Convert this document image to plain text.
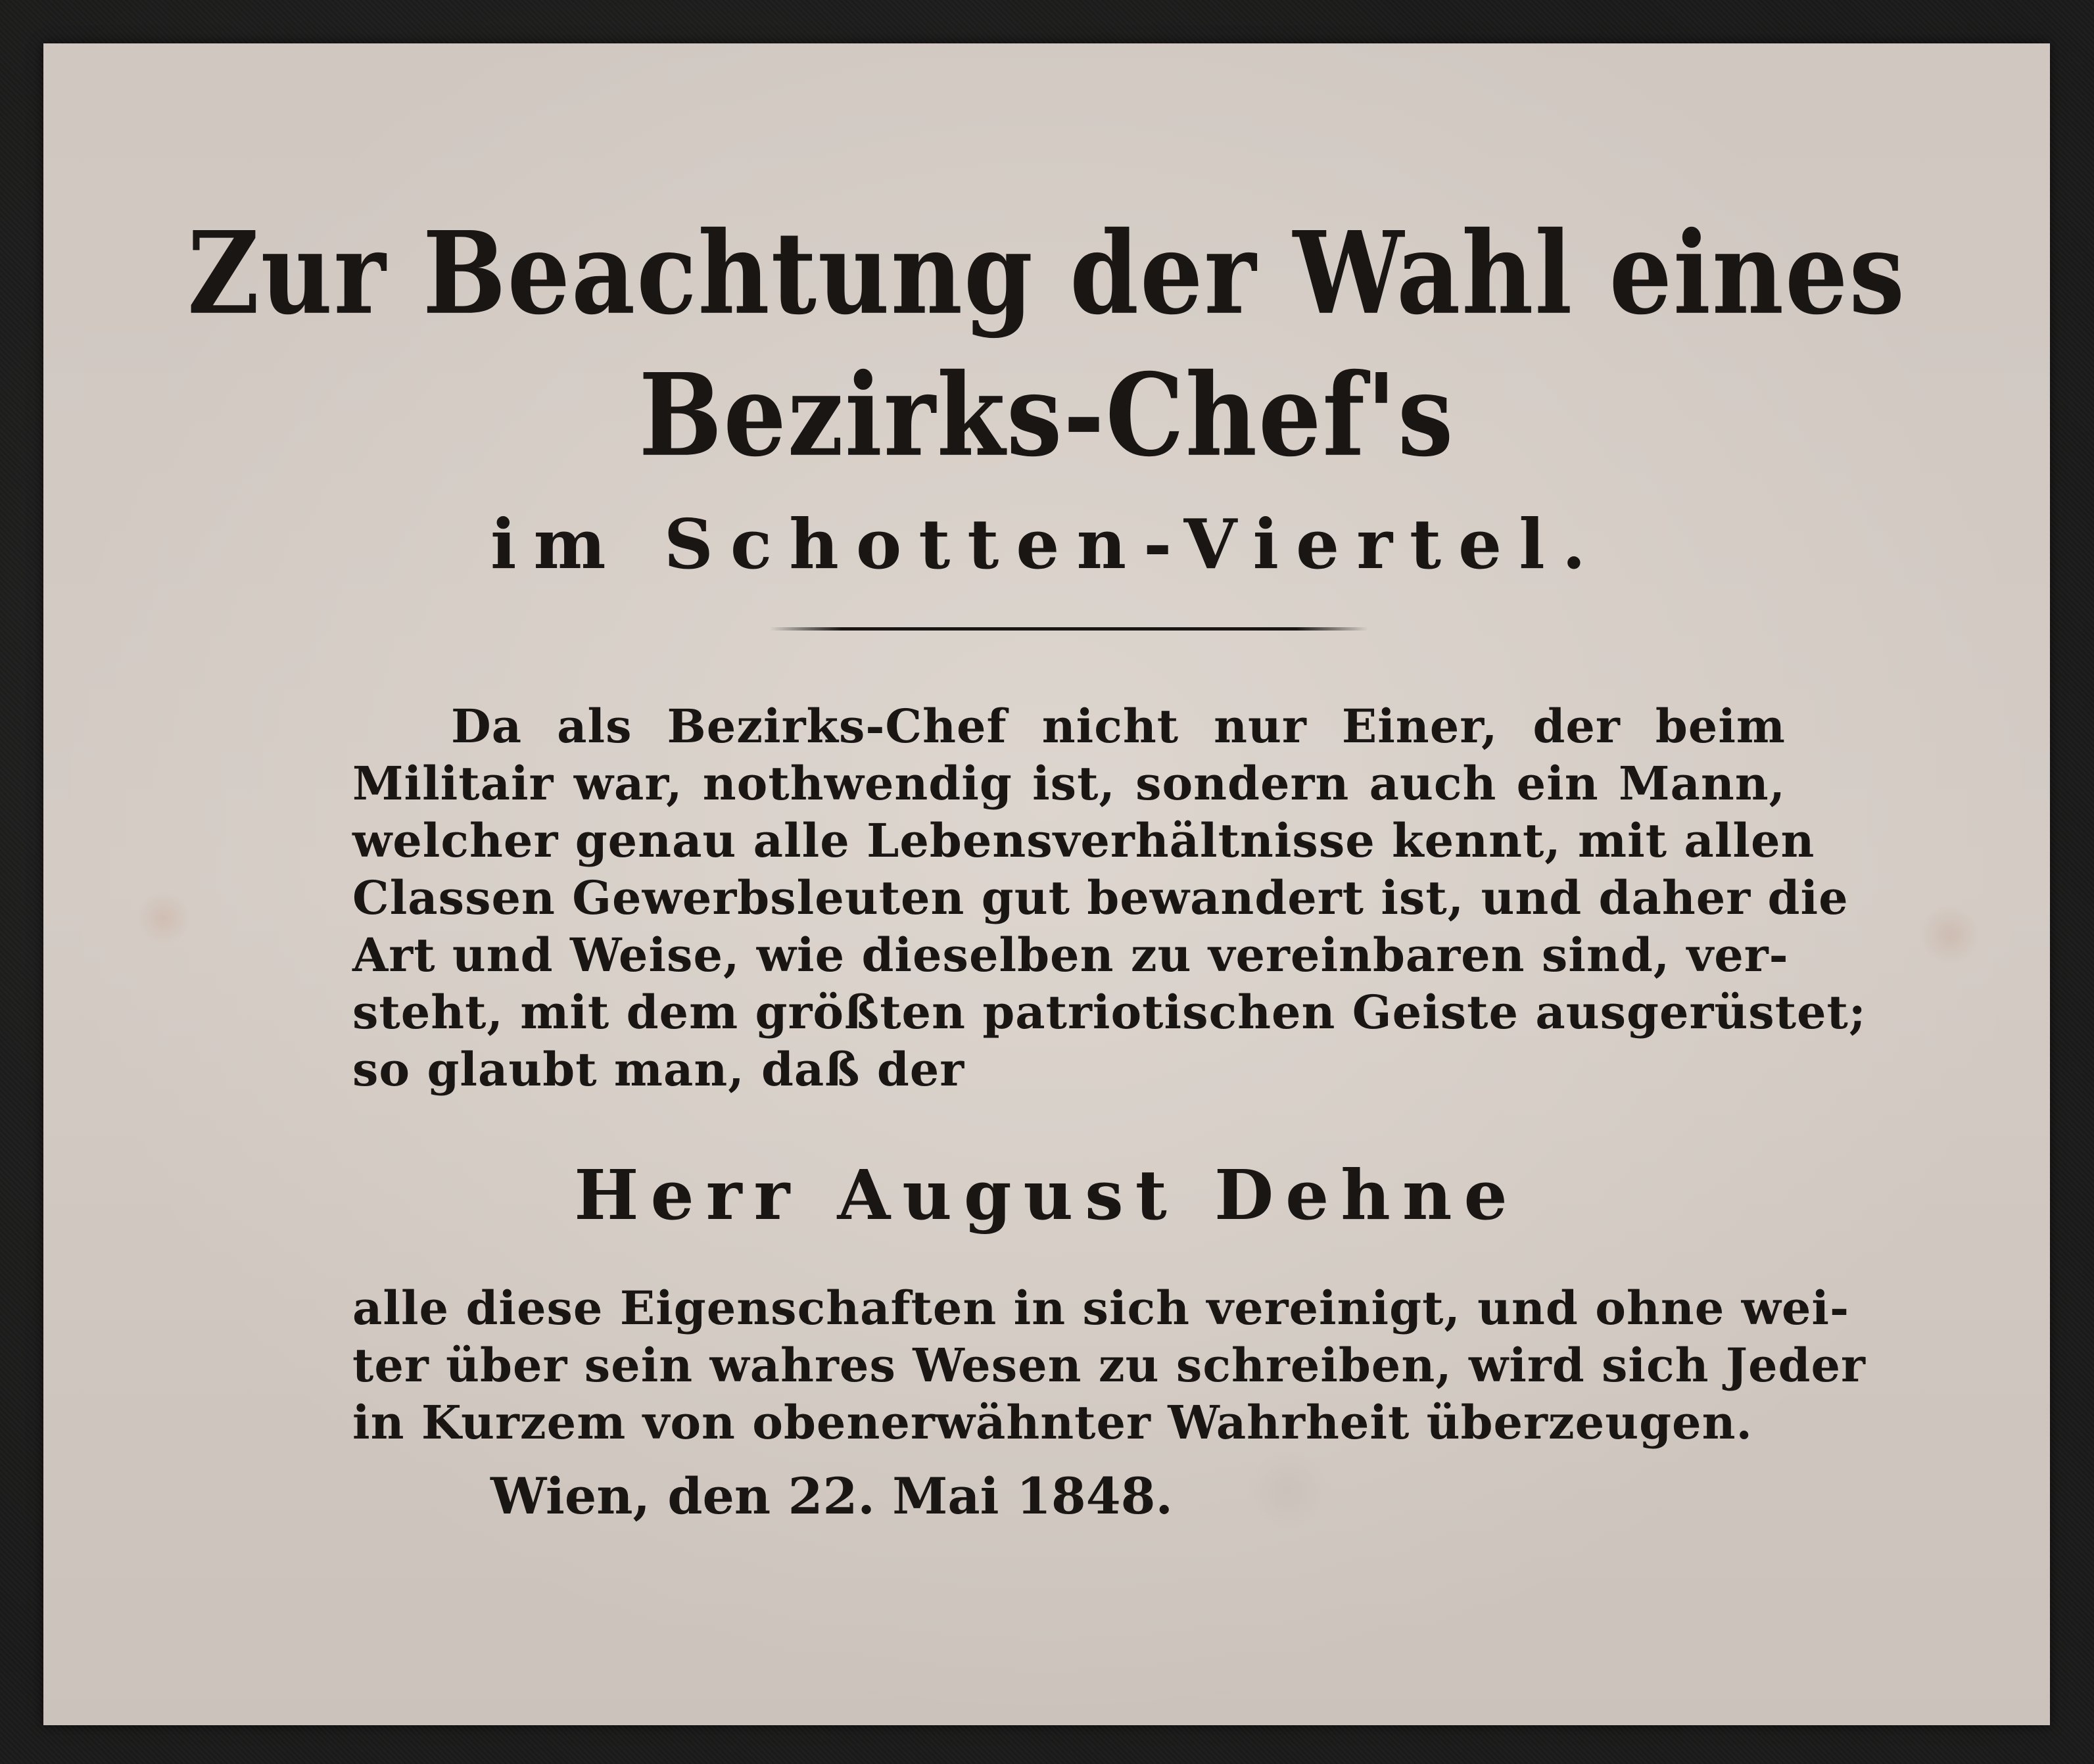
Zur Beachtung der Wahl eines
Bezirks-Chef's
im Schotten-Viertel.

Da als Bezirks-Chef nicht nur Einer, der beim

Militair war, nothwendig ist, sondern auch ein Mann,

welcher genau alle Lebensverhältnisse kennt, mit allen

Classen Gewerbsleuten gut bewandert ist, und daher die

Art und Weise, wie dieselben zu vereinbaren sind, ver-

steht, mit dem größten patriotischen Geiste ausgerüstet;

so glaubt man, daß der

Herr August Dehne

alle diese Eigenschaften in sich vereinigt, und ohne wei-

ter über sein wahres Wesen zu schreiben, wird sich Jeder

in Kurzem von obenerwähnter Wahrheit überzeugen.

Wien, den 22. Mai 1848.
